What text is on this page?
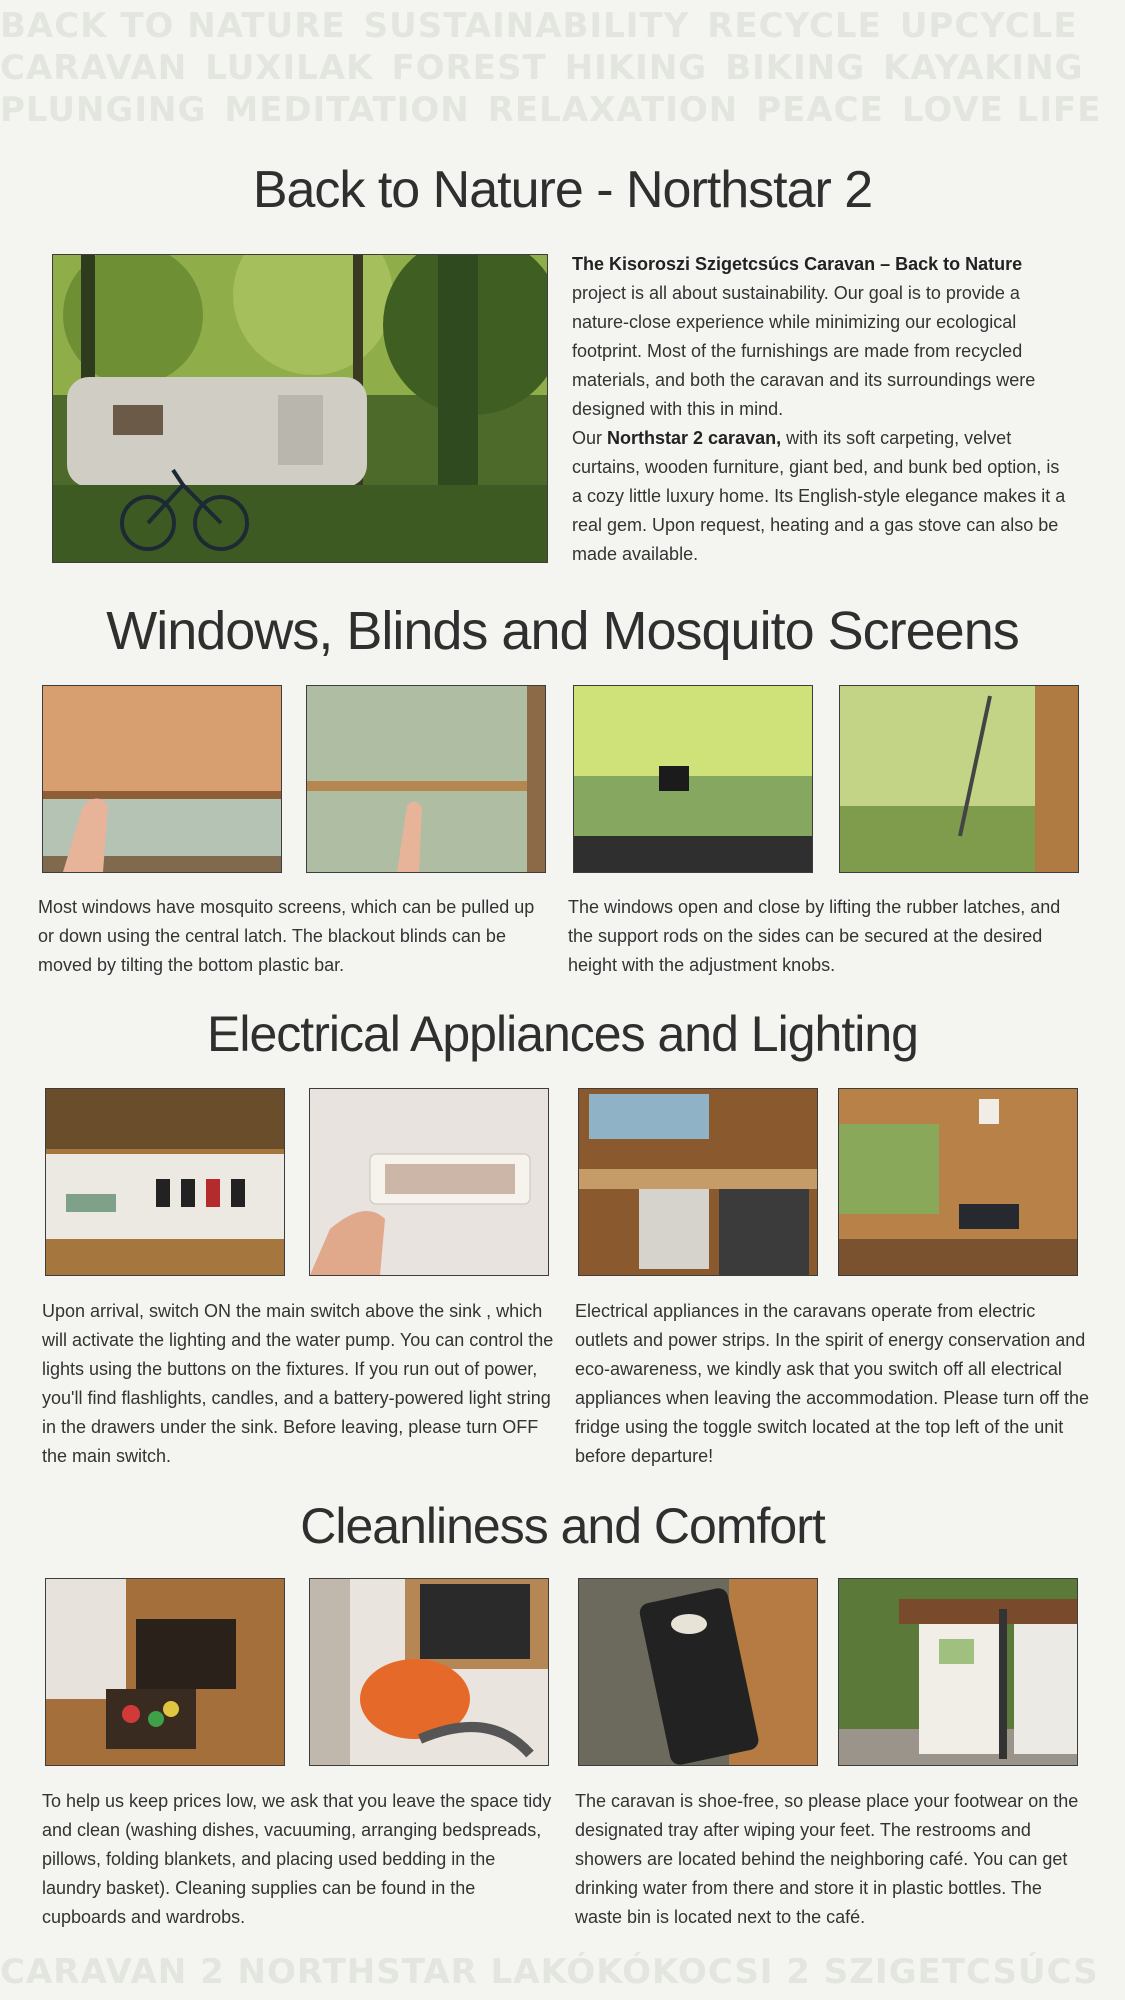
BACK TO NATURE SUSTAINABILITY RECYCLE UPCYCLE
CARAVAN LUXILAK FOREST HIKING BIKING KAYAKING
PLUNGING MEDITATION RELAXATION PEACE LOVE LIFE
Back to Nature - Northstar 2
The Kisoroszi Szigetcsúcs Caravan – Back to Nature project is all about sustainability. Our goal is to provide a nature-close experience while minimizing our ecological footprint. Most of the furnishings are made from recycled materials, and both the caravan and its surroundings were designed with this in mind.
Our Northstar 2 caravan, with its soft carpeting, velvet curtains, wooden furniture, giant bed, and bunk bed option, is a cozy little luxury home. Its English-style elegance makes it a real gem. Upon request, heating and a gas stove can also be made available.
Windows, Blinds and Mosquito Screens
Most windows have mosquito screens, which can be pulled up or down using the central latch. The blackout blinds can be moved by tilting the bottom plastic bar.
The windows open and close by lifting the rubber latches, and the support rods on the sides can be secured at the desired height with the adjustment knobs.
Electrical Appliances and Lighting
Upon arrival, switch ON the main switch above the sink , which will activate the lighting and the water pump. You can control the lights using the buttons on the fixtures. If you run out of power, you'll find flashlights, candles, and a battery-powered light string in the drawers under the sink. Before leaving, please turn OFF the main switch.
Electrical appliances in the caravans operate from electric outlets and power strips. In the spirit of energy conservation and eco-awareness, we kindly ask that you switch off all electrical appliances when leaving the accommodation. Please turn off the fridge using the toggle switch located at the top left of the unit before departure!
Cleanliness and Comfort
To help us keep prices low, we ask that you leave the space tidy and clean (washing dishes, vacuuming, arranging bedspreads, pillows, folding blankets, and placing used bedding in the laundry basket). Cleaning supplies can be found in the cupboards and wardrobs.
The caravan is shoe-free, so please place your footwear on the designated tray after wiping your feet. The restrooms and showers are located behind the neighboring café. You can get drinking water from there and store it in plastic bottles. The waste bin is located next to the café.
CARAVAN 2 NORTHSTAR LAKÓKÓKOCSI 2 SZIGETCSÚCS
